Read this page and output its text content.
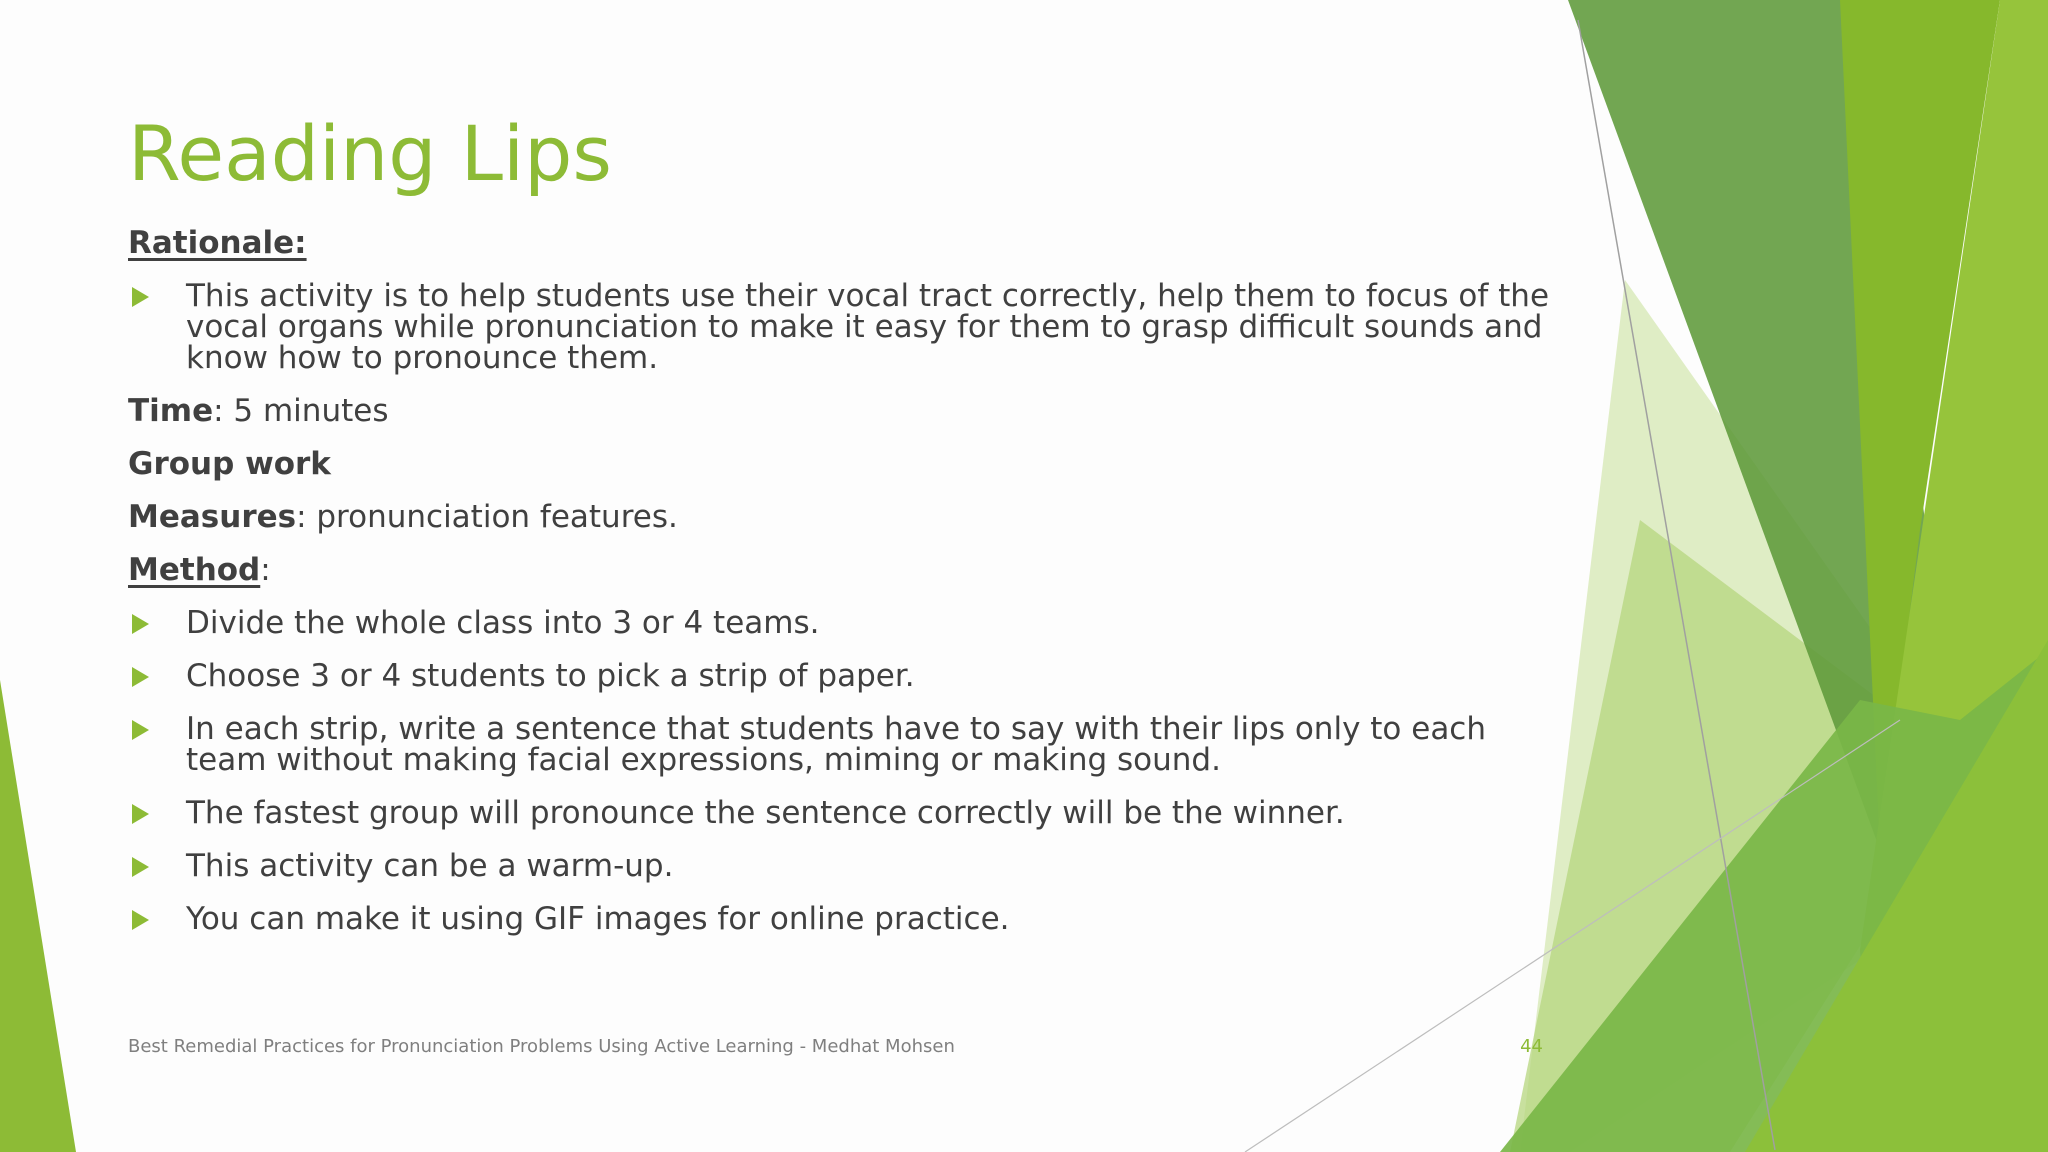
Reading Lips

Rationale:

This activity is to help students use their vocal tract correctly, help them to focus of the vocal organs while pronunciation to make it easy for them to grasp difficult sounds and know how to pronounce them.

Time: 5 minutes

Group work

Measures: pronunciation features.

Method:

Divide the whole class into 3 or 4 teams.
Choose 3 or 4 students to pick a strip of paper.
In each strip, write a sentence that students have to say with their lips only to each team without making facial expressions, miming or making sound.
The fastest group will pronounce the sentence correctly will be the winner.
This activity can be a warm-up.
You can make it using GIF images for online practice.
Best Remedial Practices for Pronunciation Problems Using Active Learning - Medhat Mohsen	44
